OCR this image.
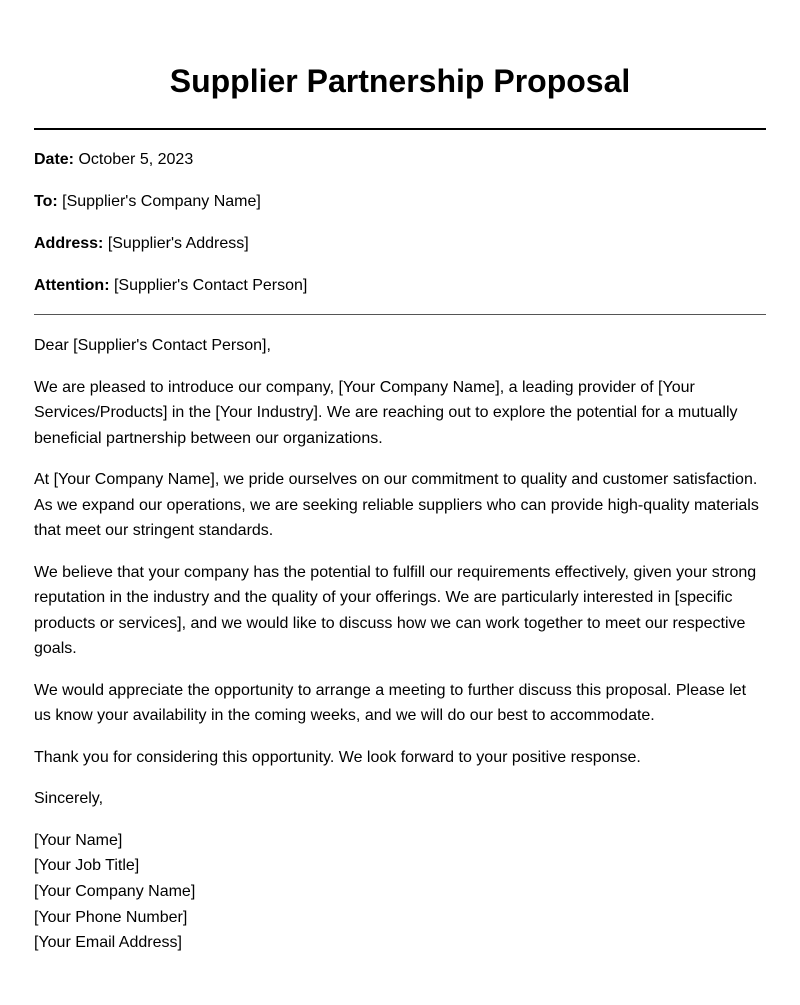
Supplier Partnership Proposal

Date: October 5, 2023

To: [Supplier's Company Name]

Address: [Supplier's Address]

Attention: [Supplier's Contact Person]

Dear [Supplier's Contact Person],

We are pleased to introduce our company, [Your Company Name], a leading provider of [Your Services/Products] in the [Your Industry]. We are reaching out to explore the potential for a mutually beneficial partnership between our organizations.

At [Your Company Name], we pride ourselves on our commitment to quality and customer satisfaction. As we expand our operations, we are seeking reliable suppliers who can provide high-quality materials that meet our stringent standards.

We believe that your company has the potential to fulfill our requirements effectively, given your strong reputation in the industry and the quality of your offerings. We are particularly interested in [specific products or services], and we would like to discuss how we can work together to meet our respective goals.

We would appreciate the opportunity to arrange a meeting to further discuss this proposal. Please let us know your availability in the coming weeks, and we will do our best to accommodate.

Thank you for considering this opportunity. We look forward to your positive response.

Sincerely,

[Your Name]
[Your Job Title]
[Your Company Name]
[Your Phone Number]
[Your Email Address]
